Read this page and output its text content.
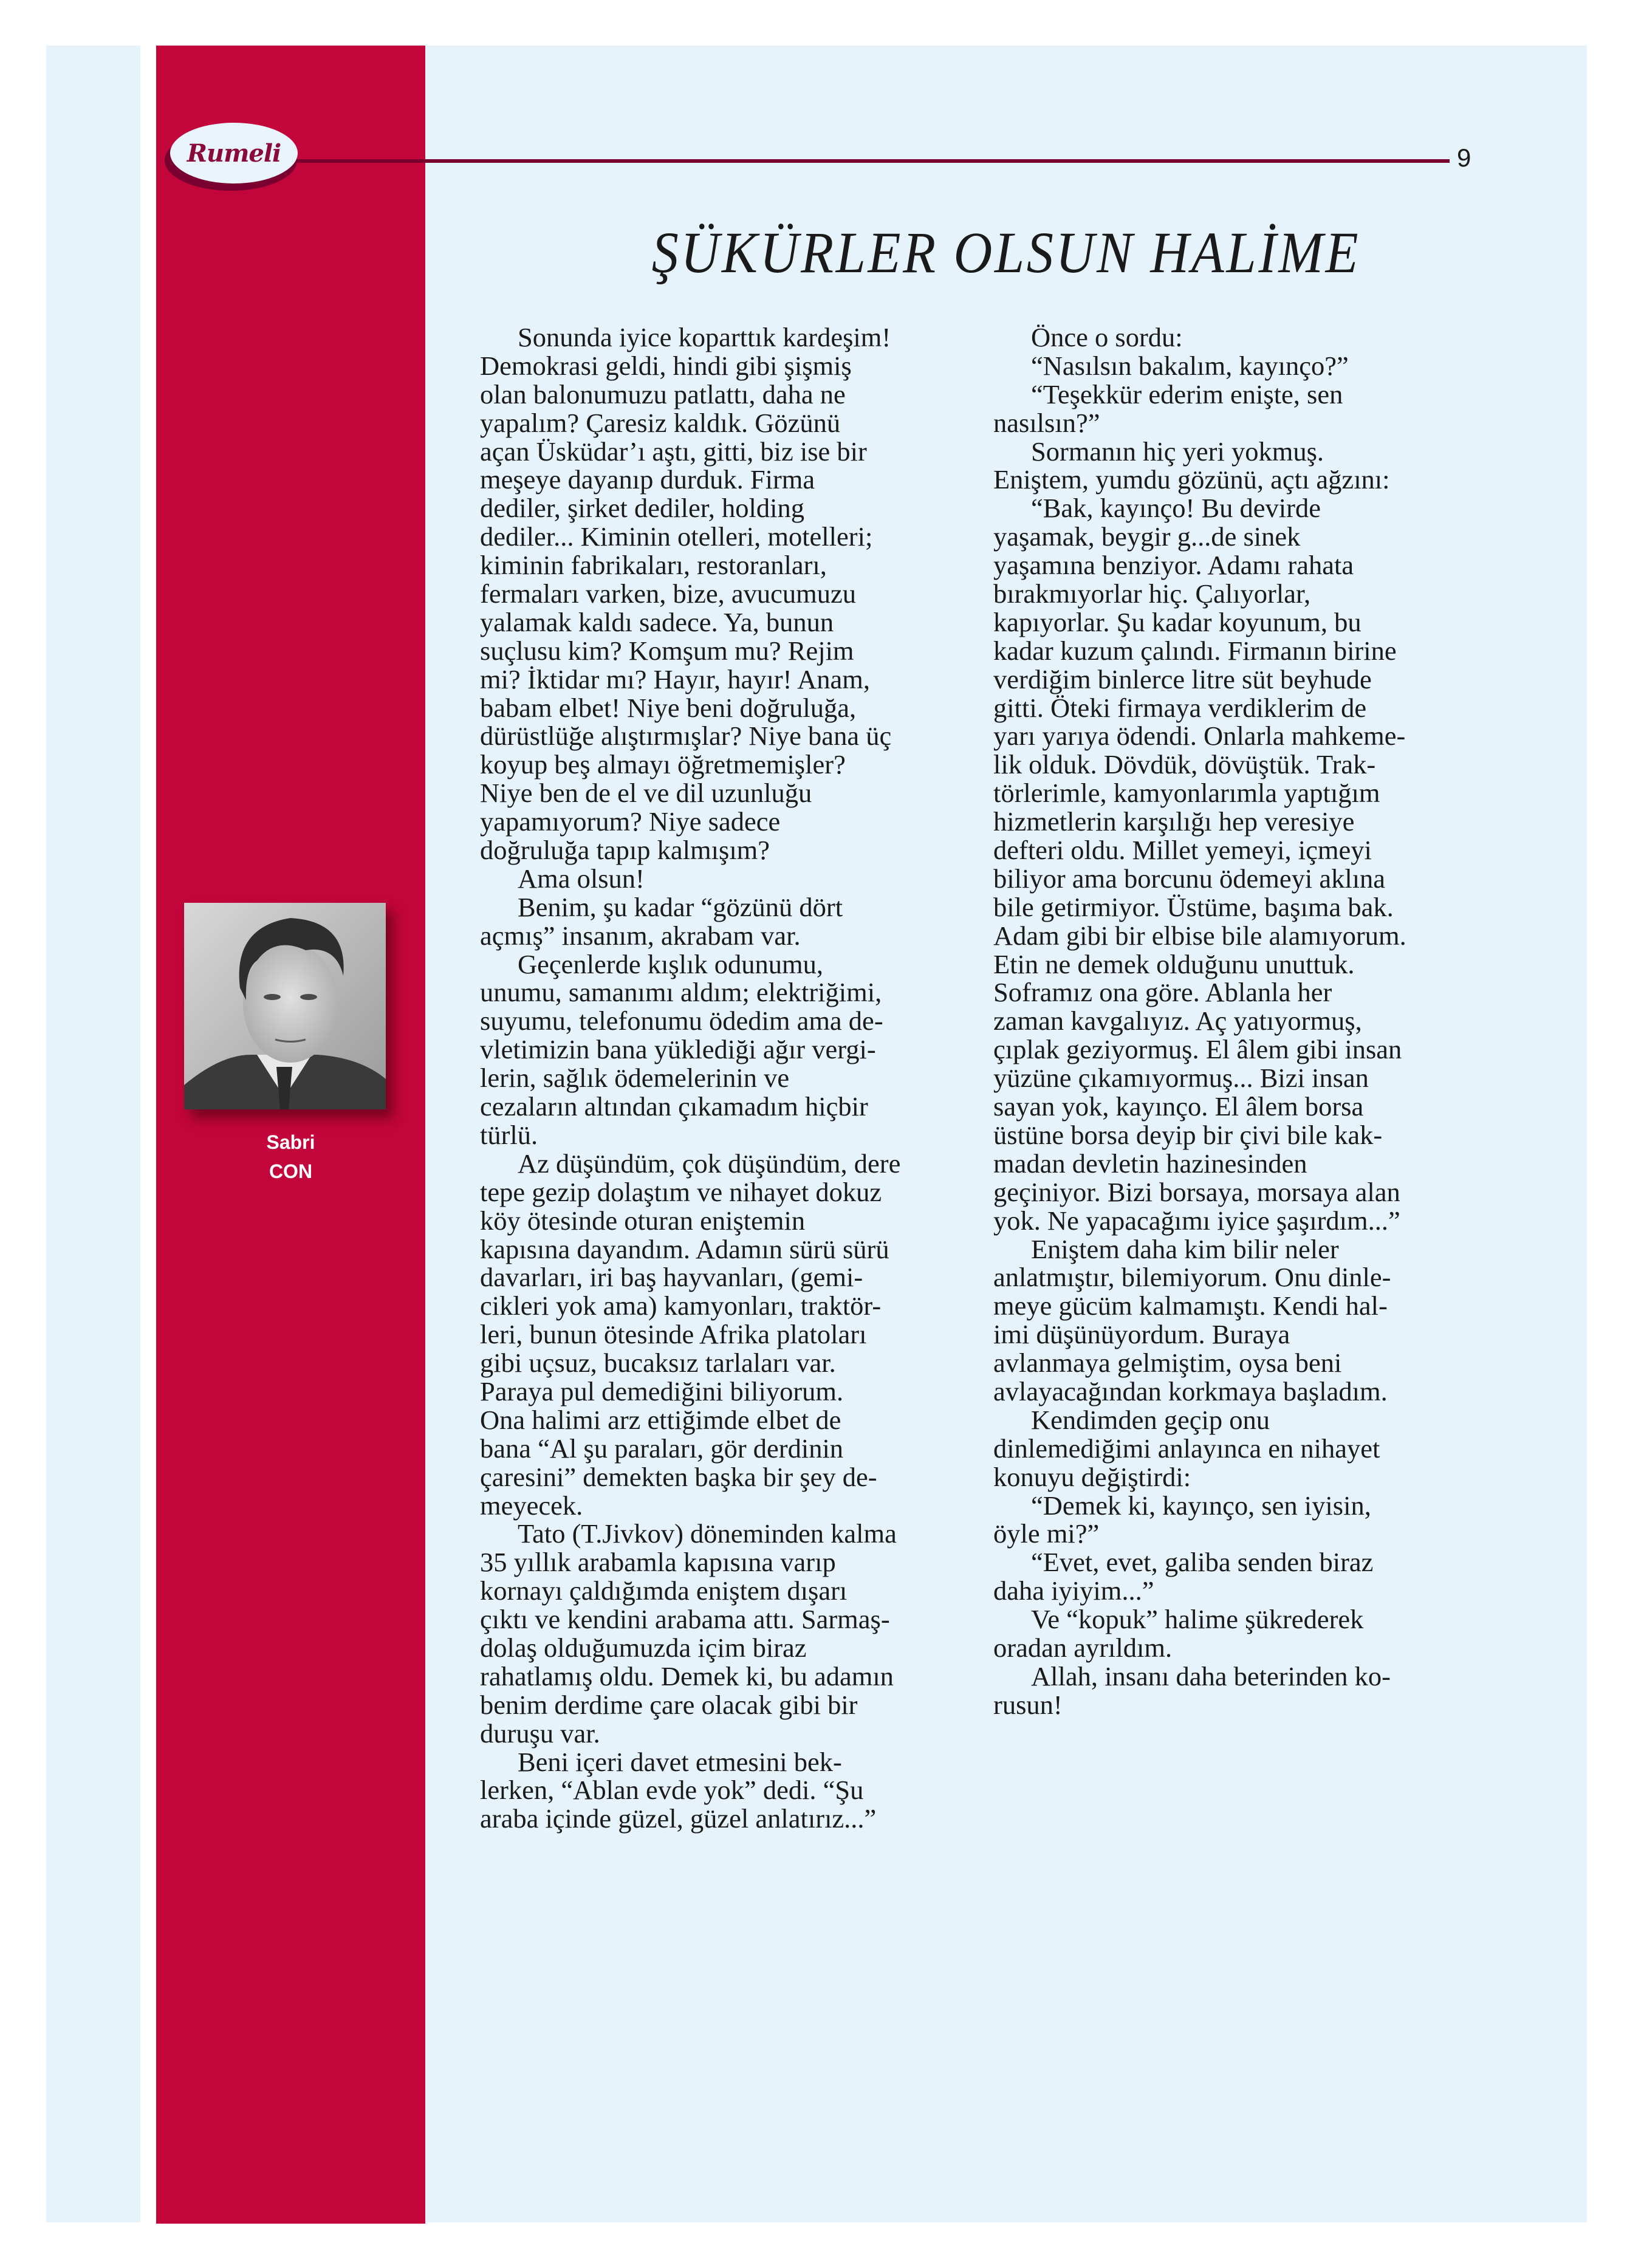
Rumeli	9
ŞÜKÜRLER OLSUN HALİME
Sabri
CON
Sonunda iyice koparttık kardeşim!
Demokrasi geldi, hindi gibi şişmiş
olan balonumuzu patlattı, daha ne
yapalım? Çaresiz kaldık. Gözünü
açan Üsküdar’ı aştı, gitti, biz ise bir
meşeye dayanıp durduk. Firma
dediler, şirket dediler, holding
dediler... Kiminin otelleri, motelleri;
kiminin fabrikaları, restoranları,
fermaları varken, bize, avucumuzu
yalamak kaldı sadece. Ya, bunun
suçlusu kim? Komşum mu? Rejim
mi? İktidar mı? Hayır, hayır! Anam,
babam elbet! Niye beni doğruluğa,
dürüstlüğe alıştırmışlar? Niye bana üç
koyup beş almayı öğretmemişler?
Niye ben de el ve dil uzunluğu
yapamıyorum? Niye sadece
doğruluğa tapıp kalmışım?
Ama olsun!
Benim, şu kadar “gözünü dört
açmış” insanım, akrabam var.
Geçenlerde kışlık odunumu,
unumu, samanımı aldım; elektriğimi,
suyumu, telefonumu ödedim ama de-
vletimizin bana yüklediği ağır vergi-
lerin, sağlık ödemelerinin ve
cezaların altından çıkamadım hiçbir
türlü.
Az düşündüm, çok düşündüm, dere
tepe gezip dolaştım ve nihayet dokuz
köy ötesinde oturan eniştemin
kapısına dayandım. Adamın sürü sürü
davarları, iri baş hayvanları, (gemi-
cikleri yok ama) kamyonları, traktör-
leri, bunun ötesinde Afrika platoları
gibi uçsuz, bucaksız tarlaları var.
Paraya pul demediğini biliyorum.
Ona halimi arz ettiğimde elbet de
bana “Al şu paraları, gör derdinin
çaresini” demekten başka bir şey de-
meyecek.
Tato (T.Jivkov) döneminden kalma
35 yıllık arabamla kapısına varıp
kornayı çaldığımda eniştem dışarı
çıktı ve kendini arabama attı. Sarmaş-
dolaş olduğumuzda içim biraz
rahatlamış oldu. Demek ki, bu adamın
benim derdime çare olacak gibi bir
duruşu var.
Beni içeri davet etmesini bek-
lerken, “Ablan evde yok” dedi. “Şu
araba içinde güzel, güzel anlatırız...”
Önce o sordu:
“Nasılsın bakalım, kayınço?”
“Teşekkür ederim enişte, sen
nasılsın?”
Sormanın hiç yeri yokmuş.
Eniştem, yumdu gözünü, açtı ağzını:
“Bak, kayınço! Bu devirde
yaşamak, beygir g...de sinek
yaşamına benziyor. Adamı rahata
bırakmıyorlar hiç. Çalıyorlar,
kapıyorlar. Şu kadar koyunum, bu
kadar kuzum çalındı. Firmanın birine
verdiğim binlerce litre süt beyhude
gitti. Öteki firmaya verdiklerim de
yarı yarıya ödendi. Onlarla mahkeme-
lik olduk. Dövdük, dövüştük. Trak-
törlerimle, kamyonlarımla yaptığım
hizmetlerin karşılığı hep veresiye
defteri oldu. Millet yemeyi, içmeyi
biliyor ama borcunu ödemeyi aklına
bile getirmiyor. Üstüme, başıma bak.
Adam gibi bir elbise bile alamıyorum.
Etin ne demek olduğunu unuttuk.
Soframız ona göre. Ablanla her
zaman kavgalıyız. Aç yatıyormuş,
çıplak geziyormuş. El âlem gibi insan
yüzüne çıkamıyormuş... Bizi insan
sayan yok, kayınço. El âlem borsa
üstüne borsa deyip bir çivi bile kak-
madan devletin hazinesinden
geçiniyor. Bizi borsaya, morsaya alan
yok. Ne yapacağımı iyice şaşırdım...”
Eniştem daha kim bilir neler
anlatmıştır, bilemiyorum. Onu dinle-
meye gücüm kalmamıştı. Kendi hal-
imi düşünüyordum. Buraya
avlanmaya gelmiştim, oysa beni
avlayacağından korkmaya başladım.
Kendimden geçip onu
dinlemediğimi anlayınca en nihayet
konuyu değiştirdi:
“Demek ki, kayınço, sen iyisin,
öyle mi?”
“Evet, evet, galiba senden biraz
daha iyiyim...”
Ve “kopuk” halime şükrederek
oradan ayrıldım.
Allah, insanı daha beterinden ko-
rusun!
